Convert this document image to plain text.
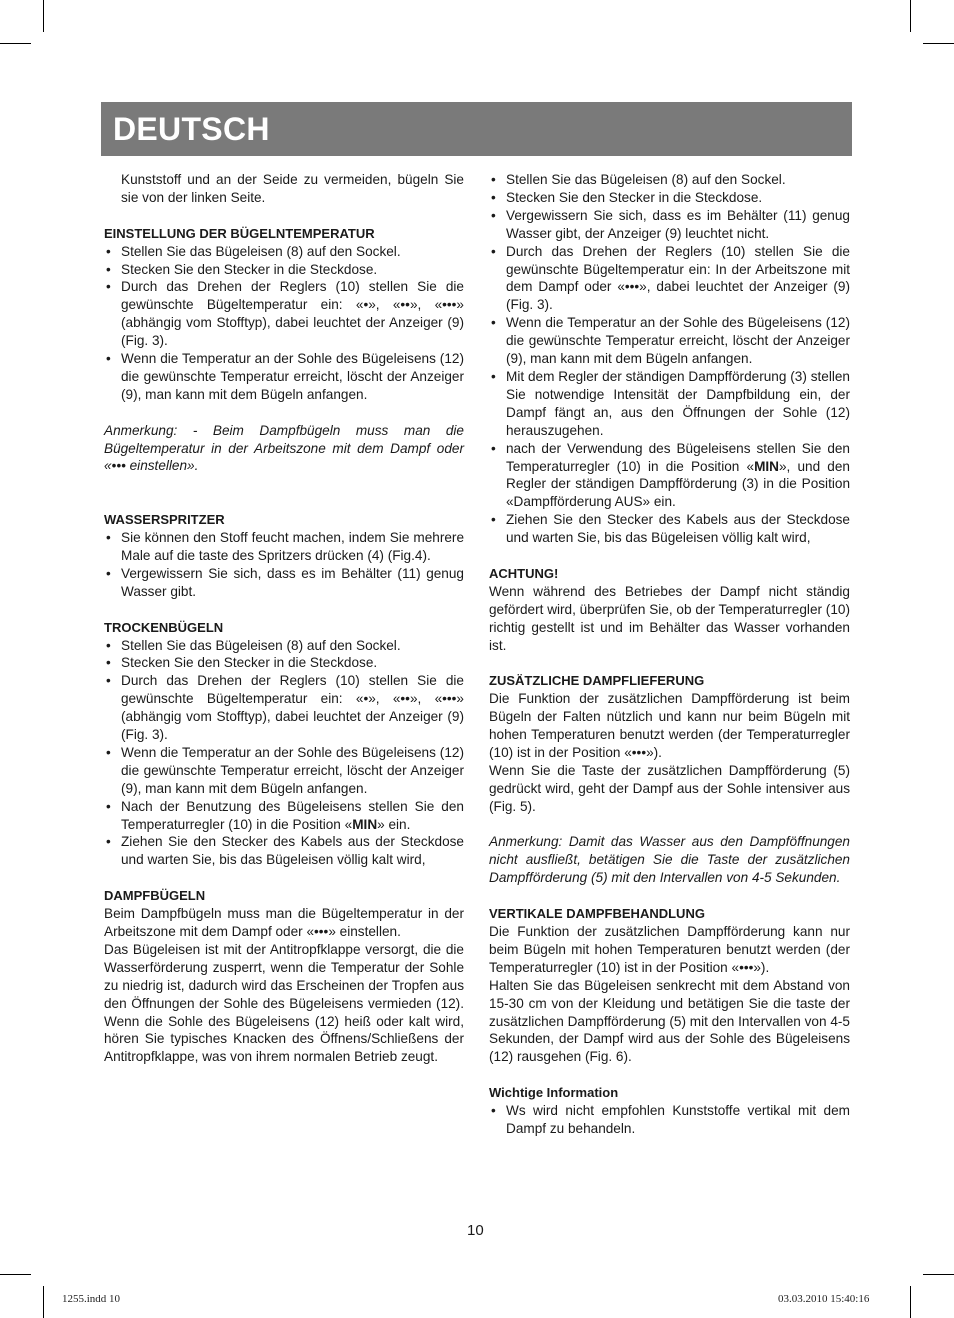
DEUTSCH

Kunststoff und an der Seide zu vermeiden, bügeln Sie sie von der linken Seite.

EINSTELLUNG DER BÜGELNTEMPERATUR

• Stellen Sie das Bügeleisen (8) auf den Sockel.
• Stecken Sie den Stecker in die Steckdose.
• Durch das Drehen der Reglers (10) stellen Sie die gewünschte Bügeltemperatur ein: «•», «••», «•••» (abhängig vom Stofftyp), dabei leuchtet der Anzeiger (9) (Fig. 3).
• Wenn die Temperatur an der Sohle des Bügeleisens (12) die gewünschte Temperatur erreicht, löscht der Anzeiger (9), man kann mit dem Bügeln anfangen.

Anmerkung: - Beim Dampfbügeln muss man die Bügeltemperatur in der Arbeitszone mit dem Dampf oder «••• einstellen».

WASSERSPRITZER

• Sie können den Stoff feucht machen, indem Sie mehrere Male auf die taste des Spritzers drücken (4) (Fig.4).
• Vergewissern Sie sich, dass es im Behälter (11) genug Wasser gibt.

TROCKENBÜGELN

• Stellen Sie das Bügeleisen (8) auf den Sockel.
• Stecken Sie den Stecker in die Steckdose.
• Durch das Drehen der Reglers (10) stellen Sie die gewünschte Bügeltemperatur ein: «•», «••», «•••» (abhängig vom Stofftyp), dabei leuchtet der Anzeiger (9) (Fig. 3).
• Wenn die Temperatur an der Sohle des Bügeleisens (12) die gewünschte Temperatur erreicht, löscht der Anzeiger (9), man kann mit dem Bügeln anfangen.
• Nach der Benutzung des Bügeleisens stellen Sie den Temperaturregler (10) in die Position «MIN» ein.
• Ziehen Sie den Stecker des Kabels aus der Steckdose und warten Sie, bis das Bügeleisen völlig kalt wird,

DAMPFBÜGELN

Beim Dampfbügeln muss man die Bügeltemperatur in der Arbeitszone mit dem Dampf oder «•••» einstellen.

Das Bügeleisen ist mit der Antitropfklappe versorgt, die die Wasserförderung zusperrt, wenn die Temperatur der Sohle zu niedrig ist, dadurch wird das Erscheinen der Tropfen aus den Öffnungen der Sohle des Bügeleisens vermieden (12). Wenn die Sohle des Bügeleisens (12) heiß oder kalt wird, hören Sie typisches Knacken des Öffnens/Schließens der Antitropfklappe, was von ihrem normalen Betrieb zeugt.

• Stellen Sie das Bügeleisen (8) auf den Sockel.
• Stecken Sie den Stecker in die Steckdose.
• Vergewissern Sie sich, dass es im Behälter (11) genug Wasser gibt, der Anzeiger (9) leuchtet nicht.
• Durch das Drehen der Reglers (10) stellen Sie die gewünschte Bügeltemperatur ein: In der Arbeitszone mit dem Dampf oder «•••», dabei leuchtet der Anzeiger (9) (Fig. 3).
• Wenn die Temperatur an der Sohle des Bügeleisens (12) die gewünschte Temperatur erreicht, löscht der Anzeiger (9), man kann mit dem Bügeln anfangen.
• Mit dem Regler der ständigen Dampfförderung (3) stellen Sie notwendige Intensität der Dampfbildung ein, der Dampf fängt an, aus den Öffnungen der Sohle (12) herauszugehen.
• nach der Verwendung des Bügeleisens stellen Sie den Temperaturregler (10) in die Position «MIN», und den Regler der ständigen Dampfförderung (3) in die Position «Dampfförderung AUS» ein.
• Ziehen Sie den Stecker des Kabels aus der Steckdose und warten Sie, bis das Bügeleisen völlig kalt wird,

ACHTUNG!

Wenn während des Betriebes der Dampf nicht ständig gefördert wird, überprüfen Sie, ob der Temperaturregler (10) richtig gestellt ist und im Behälter das Wasser vorhanden ist.

ZUSÄTZLICHE DAMPFLIEFERUNG

Die Funktion der zusätzlichen Dampfförderung ist beim Bügeln der Falten nützlich und kann nur beim Bügeln mit hohen Temperaturen benutzt werden (der Temperaturregler (10) ist in der Position «•••»).

Wenn Sie die Taste der zusätzlichen Dampfförderung (5) gedrückt wird, geht der Dampf aus der Sohle intensiver aus (Fig. 5).

Anmerkung: Damit das Wasser aus den Dampföffnungen nicht ausfließt, betätigen Sie die Taste der zusätzlichen Dampfförderung (5) mit den Intervallen von 4-5 Sekunden.

VERTIKALE DAMPFBEHANDLUNG

Die Funktion der zusätzlichen Dampfförderung kann nur beim Bügeln mit hohen Temperaturen benutzt werden (der Temperaturregler (10) ist in der Position «•••»).

Halten Sie das Bügeleisen senkrecht mit dem Abstand von 15-30 cm von der Kleidung und betätigen Sie die taste der zusätzlichen Dampfförderung (5) mit den Intervallen von 4-5 Sekunden, der Dampf wird aus der Sohle des Bügeleisens (12) rausgehen (Fig. 6).

Wichtige Information

• Ws wird nicht empfohlen Kunststoffe vertikal mit dem Dampf zu behandeln.
10
1255.indd 10	03.03.2010 15:40:16
